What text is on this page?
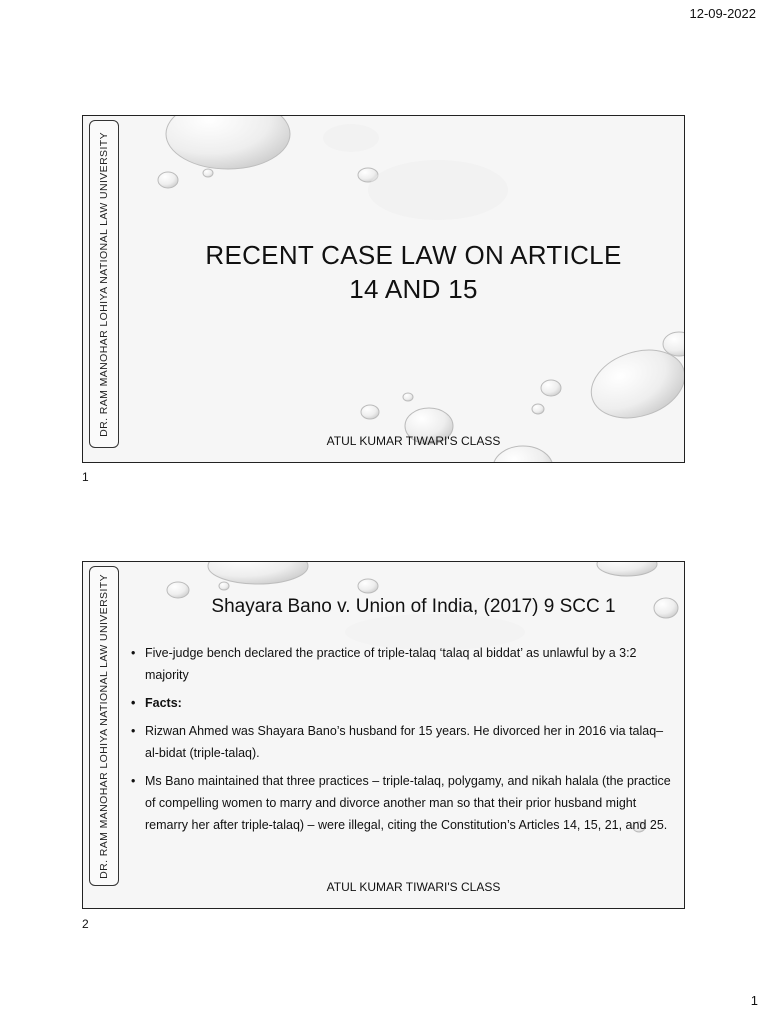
12-09-2022
DR. RAM MANOHAR LOHIYA NATIONAL LAW UNIVERSITY	RECENT CASE LAW ON ARTICLE
14 AND 15
ATUL KUMAR TIWARI'S CLASS
1
DR. RAM MANOHAR LOHIYA NATIONAL LAW UNIVERSITY	Shayara Bano v. Union of India, (2017) 9 SCC 1
• Five-judge bench declared the practice of triple-talaq ‘talaq al biddat’ as unlawful by a 3:2 majority
• Facts:
• Rizwan Ahmed was Shayara Bano’s husband for 15 years. He divorced her in 2016 via talaq–al-bidat (triple-talaq).
• Ms Bano maintained that three practices – triple-talaq, polygamy, and nikah halala (the practice of compelling women to marry and divorce another man so that their prior husband might remarry her after triple-talaq) – were illegal, citing the Constitution’s Articles 14, 15, 21, and 25.
ATUL KUMAR TIWARI'S CLASS
2
1
